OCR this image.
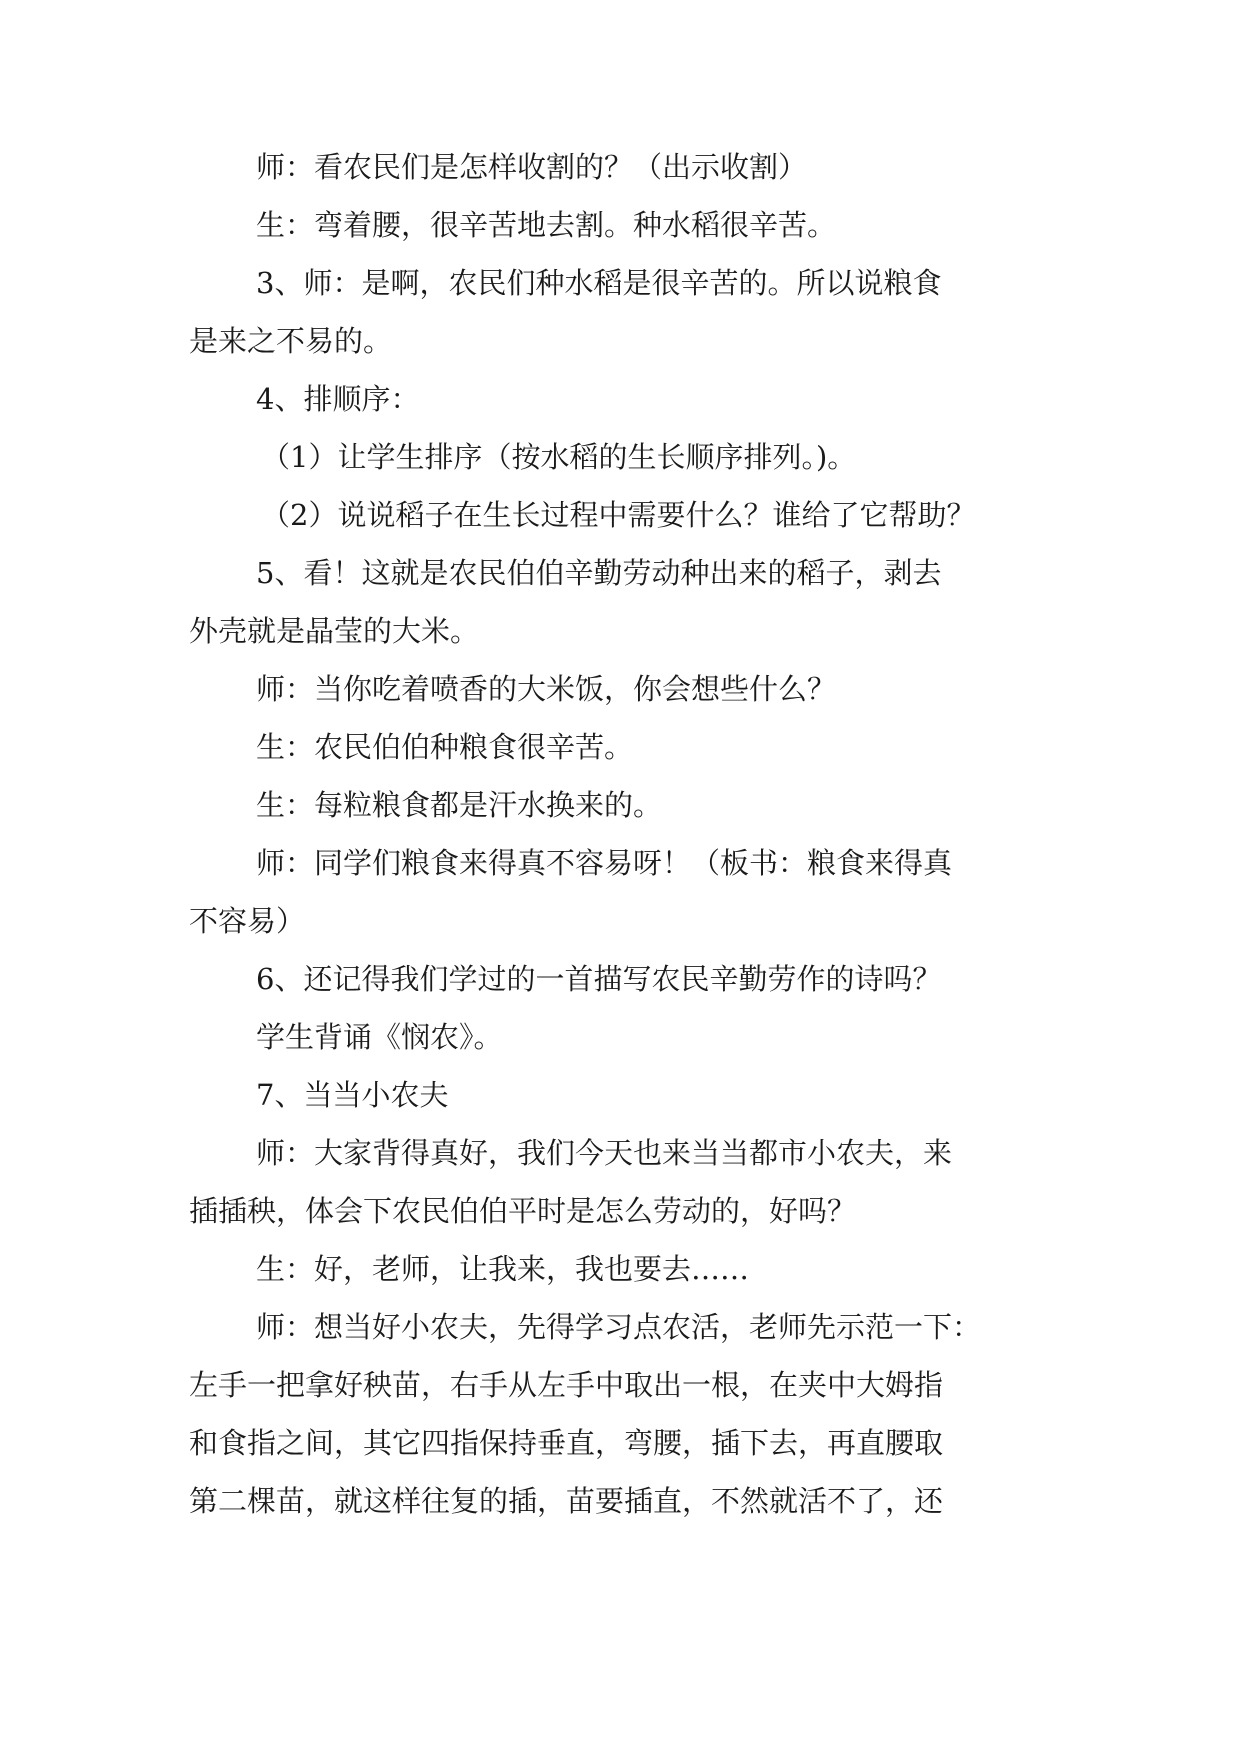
师：看农民们是怎样收割的？（出示收割）

生：弯着腰，很辛苦地去割。种水稻很辛苦。

3、师：是啊，农民们种水稻是很辛苦的。所以说粮食
是来之不易的。

4、排顺序：

（1）让学生排序（按水稻的生长顺序排列。)。

（2）说说稻子在生长过程中需要什么？谁给了它帮助？

5、看！这就是农民伯伯辛勤劳动种出来的稻子，剥去
外壳就是晶莹的大米。

师：当你吃着喷香的大米饭，你会想些什么？

生：农民伯伯种粮食很辛苦。

生：每粒粮食都是汗水换来的。

师：同学们粮食来得真不容易呀！（板书：粮食来得真
不容易）

6、还记得我们学过的一首描写农民辛勤劳作的诗吗？

学生背诵《悯农》。

7、当当小农夫

师：大家背得真好，我们今天也来当当都市小农夫，来
插插秧，体会下农民伯伯平时是怎么劳动的，好吗？

生：好，老师，让我来，我也要去……

师：想当好小农夫，先得学习点农活，老师先示范一下：
左手一把拿好秧苗，右手从左手中取出一根，在夹中大姆指
和食指之间，其它四指保持垂直，弯腰，插下去，再直腰取
第二棵苗，就这样往复的插，苗要插直，不然就活不了，还
